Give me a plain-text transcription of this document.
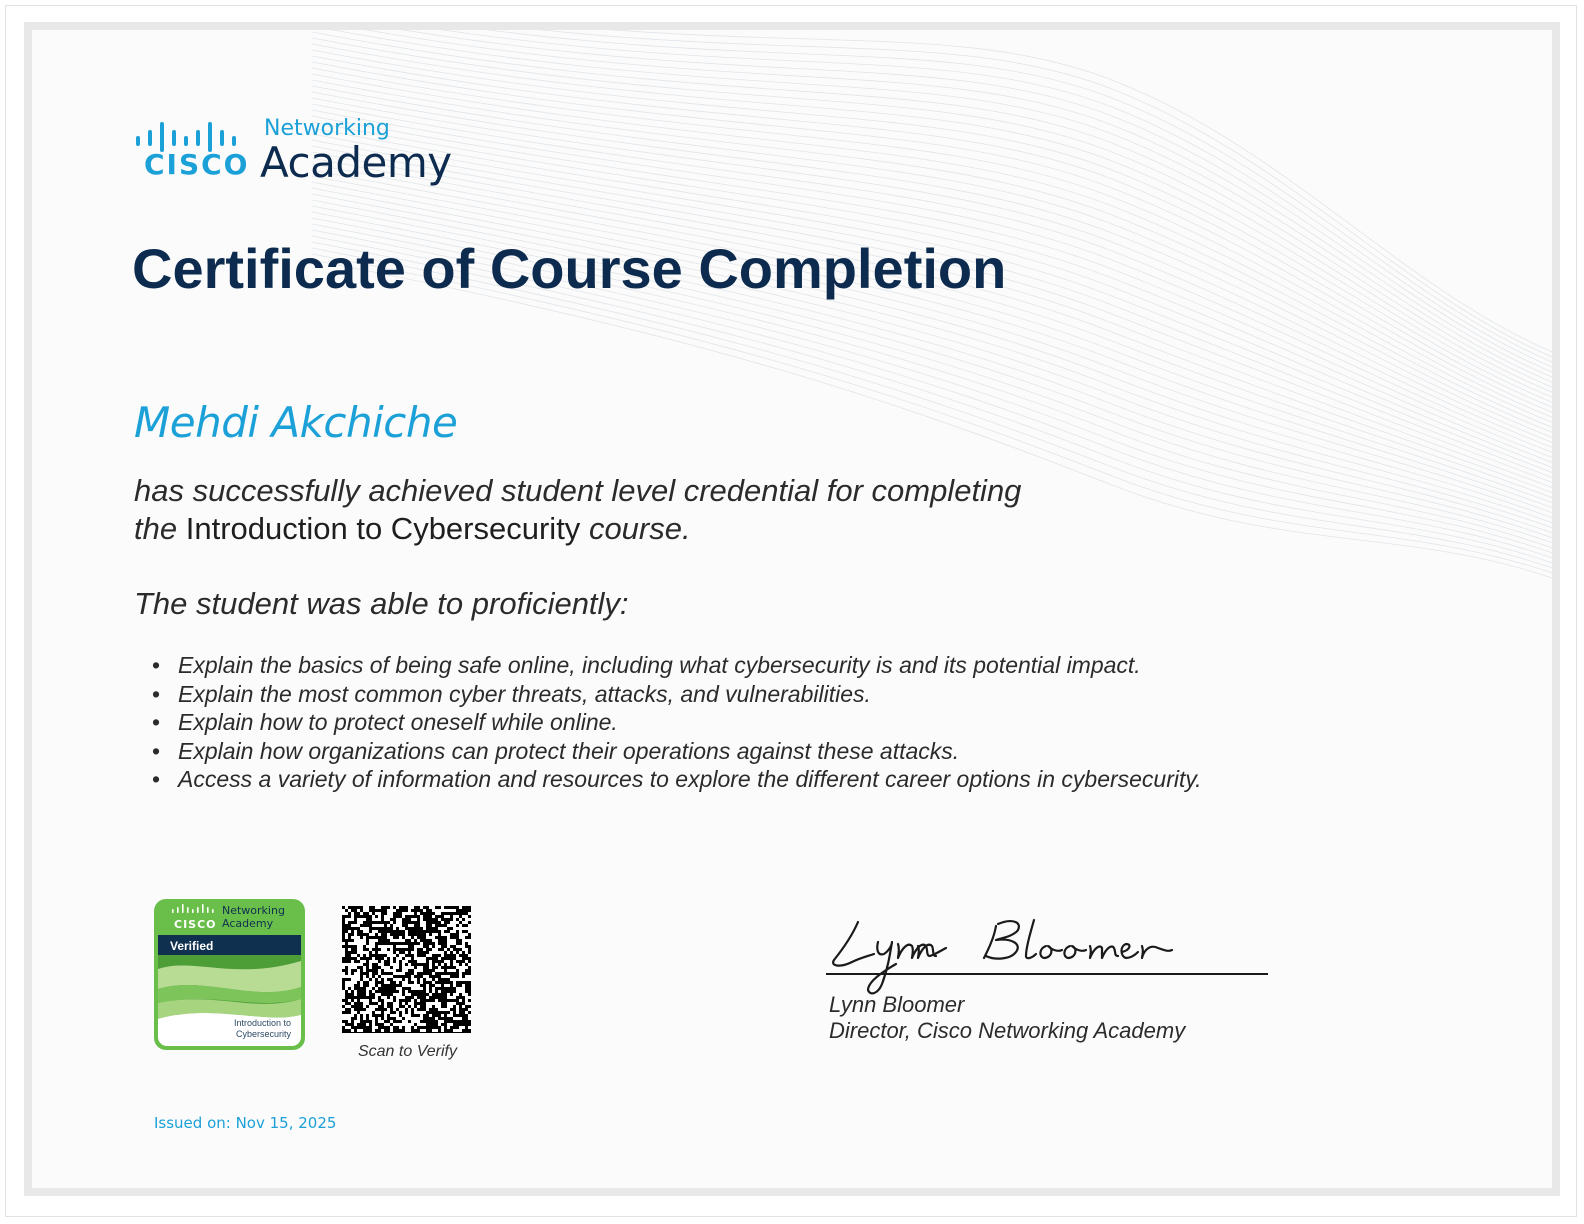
CISCO
Networking
Academy
Certificate of Course Completion
Mehdi Akchiche
has successfully achieved student level credential for completing
the Introduction to Cybersecurity course.
The student was able to proficiently:
• Explain the basics of being safe online, including what cybersecurity is and its potential impact.
• Explain the most common cyber threats, attacks, and vulnerabilities.
• Explain how to protect oneself while online.
• Explain how organizations can protect their operations against these attacks.
• Access a variety of information and resources to explore the different career options in cybersecurity.
CISCO
Networking
Academy
Verified
Introduction to
Cybersecurity
Scan to Verify
Lynn Bloomer
Director, Cisco Networking Academy
Issued on: Nov 15, 2025
